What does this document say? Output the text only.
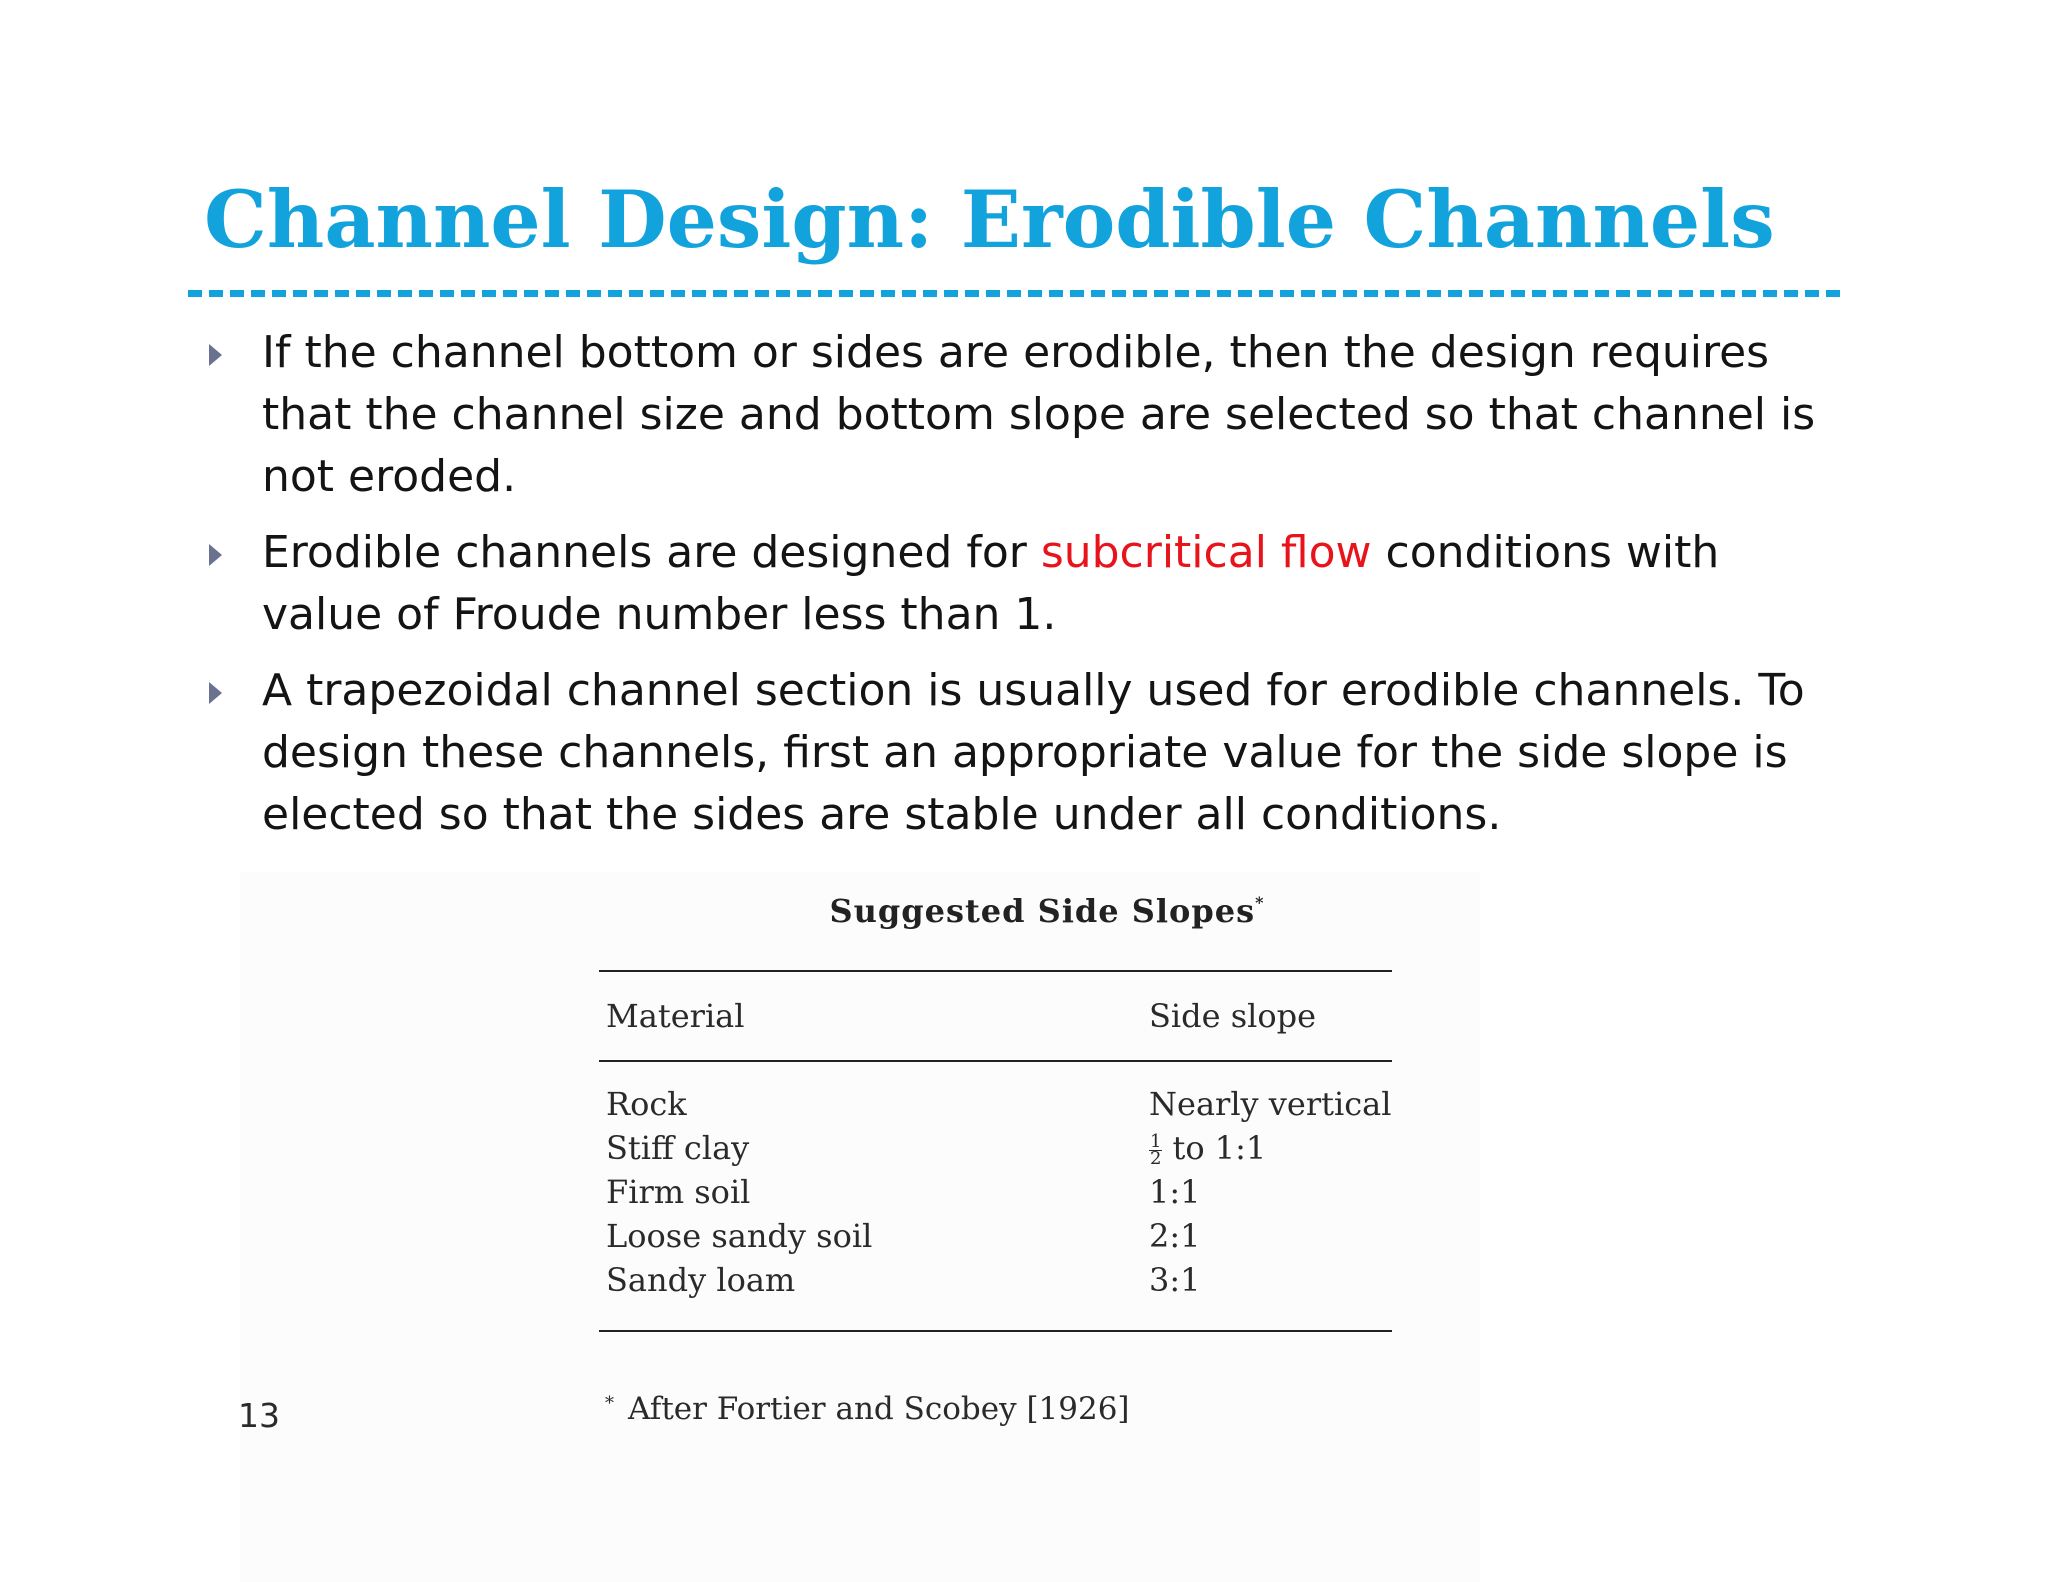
Channel Design: Erodible Channels
If the channel bottom or sides are erodible, then the design requires that the channel size and bottom slope are selected so that channel is not eroded.
Erodible channels are designed for subcritical flow conditions with value of Froude number less than 1.
A trapezoidal channel section is usually used for erodible channels. To design these channels, first an appropriate value for the side slope is elected so that the sides are stable under all conditions.
Suggested Side Slopes*
Material	Side slope
Rock	Nearly vertical
Stiff clay	$\frac{1}{2}$ to 1:1
Firm soil	1:1
Loose sandy soil	2:1
Sandy loam	3:1
* After Fortier and Scobey [1926]
13
